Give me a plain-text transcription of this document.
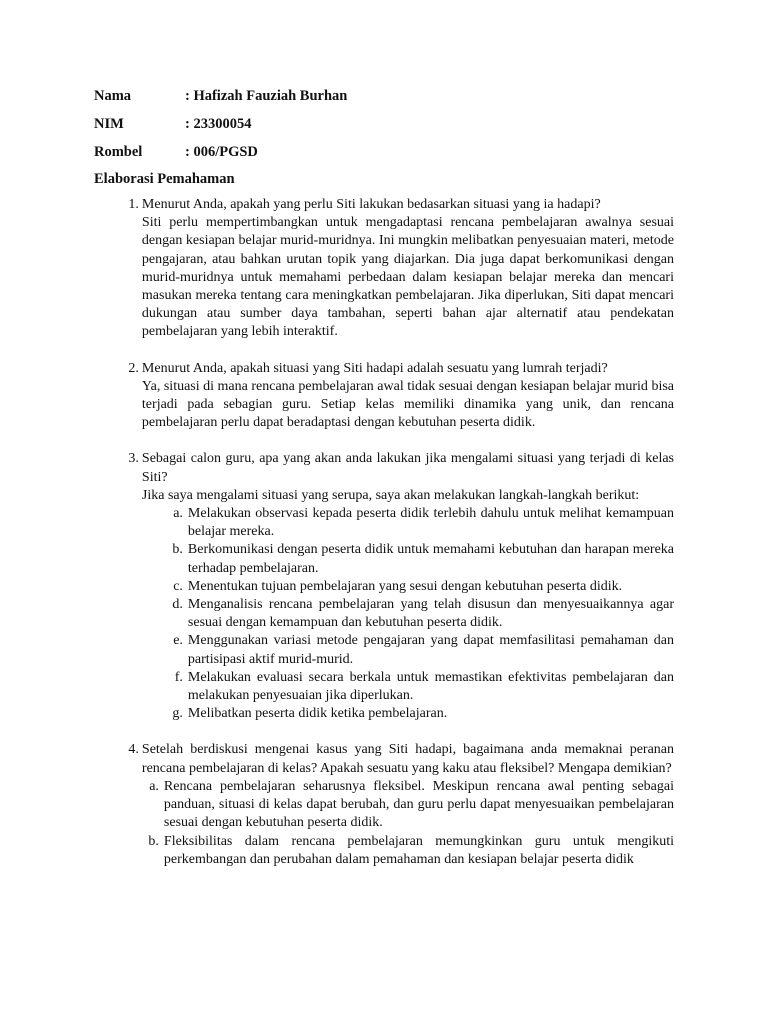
Nama	: Hafizah Fauziah Burhan
NIM	: 23300054
Rombel	: 006/PGSD
Elaborasi Pemahaman
1. Menurut Anda, apakah yang perlu Siti lakukan bedasarkan situasi yang ia hadapi?

Siti perlu mempertimbangkan untuk mengadaptasi rencana pembelajaran awalnya sesuai dengan kesiapan belajar murid-muridnya. Ini mungkin melibatkan penyesuaian materi, metode pengajaran, atau bahkan urutan topik yang diajarkan. Dia juga dapat berkomunikasi dengan murid-muridnya untuk memahami perbedaan dalam kesiapan belajar mereka dan mencari masukan mereka tentang cara meningkatkan pembelajaran. Jika diperlukan, Siti dapat mencari dukungan atau sumber daya tambahan, seperti bahan ajar alternatif atau pendekatan pembelajaran yang lebih interaktif.

2. Menurut Anda, apakah situasi yang Siti hadapi adalah sesuatu yang lumrah terjadi?

Ya, situasi di mana rencana pembelajaran awal tidak sesuai dengan kesiapan belajar murid bisa terjadi pada sebagian guru. Setiap kelas memiliki dinamika yang unik, dan rencana pembelajaran perlu dapat beradaptasi dengan kebutuhan peserta didik.

3. Sebagai calon guru, apa yang akan anda lakukan jika mengalami situasi yang terjadi di kelas Siti?

Jika saya mengalami situasi yang serupa, saya akan melakukan langkah-langkah berikut:

a. Melakukan observasi kepada peserta didik terlebih dahulu untuk melihat kemampuan belajar mereka.
b. Berkomunikasi dengan peserta didik untuk memahami kebutuhan dan harapan mereka terhadap pembelajaran.
c. Menentukan tujuan pembelajaran yang sesui dengan kebutuhan peserta didik.
d. Menganalisis rencana pembelajaran yang telah disusun dan menyesuaikannya agar sesuai dengan kemampuan dan kebutuhan peserta didik.
e. Menggunakan variasi metode pengajaran yang dapat memfasilitasi pemahaman dan partisipasi aktif murid-murid.
f. Melakukan evaluasi secara berkala untuk memastikan efektivitas pembelajaran dan melakukan penyesuaian jika diperlukan.
g. Melibatkan peserta didik ketika pembelajaran.
4. Setelah berdiskusi mengenai kasus yang Siti hadapi, bagaimana anda memaknai peranan rencana pembelajaran di kelas? Apakah sesuatu yang kaku atau fleksibel? Mengapa demikian?

a. Rencana pembelajaran seharusnya fleksibel. Meskipun rencana awal penting sebagai panduan, situasi di kelas dapat berubah, dan guru perlu dapat menyesuaikan pembelajaran sesuai dengan kebutuhan peserta didik.
b. Fleksibilitas dalam rencana pembelajaran memungkinkan guru untuk mengikuti perkembangan dan perubahan dalam pemahaman dan kesiapan belajar peserta didik
